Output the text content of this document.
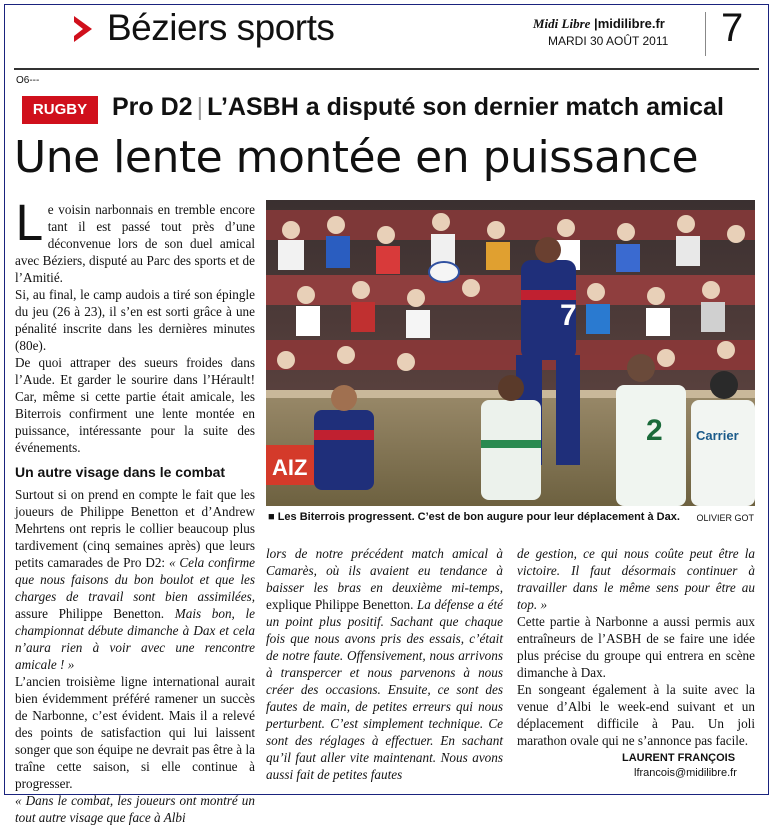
Béziers sports	Midi Libre |midilibre.fr
MARDI 30 AOÛT 2011 7
O6---
RUGBY Pro D2 | L’ASBH a disputé son dernier match amical
Une lente montée en puissance

Le voisin narbonnais en tremble encore tant il est passé tout près d’une déconvenue lors de son duel amical avec Béziers, disputé au Parc des sports et de l’Amitié.

Si, au final, le camp audois a tiré son épingle du jeu (26 à 23), il s’en est sorti grâce à une pénalité inscrite dans les dernières minutes (80e).

De quoi attraper des sueurs froides dans l’Aude. Et garder le sourire dans l’Hérault! Car, même si cette partie était amicale, les Biterrois confirment une lente montée en puissance, intéressante pour la suite des événements.

Un autre visage dans le combat

Surtout si on prend en compte le fait que les joueurs de Philippe Benetton et d’Andrew Mehrtens ont repris le collier beaucoup plus tardivement (cinq semaines après) que leurs petits camarades de Pro D2: « Cela confirme que nous faisons du bon boulot et que les charges de travail sont bien assimilées, assure Philippe Benetton. Mais bon, le championnat débute dimanche à Dax et cela n’aura rien à voir avec une rencontre amicale ! »

L’ancien troisième ligne international aurait bien évidemment préféré ramener un succès de Narbonne, c’est évident. Mais il a relevé des points de satisfaction qui lui laissent songer que son équipe ne devrait pas être à la traîne cette saison, si elle continue à progresser.

« Dans le combat, les joueurs ont montré un tout autre visage que face à Albi

AIZ
7
2	Carrier
■ Les Biterrois progressent. C’est de bon augure pour leur déplacement à Dax. OLIVIER GOT

lors de notre précédent match amical à Camarès, où ils avaient eu tendance à baisser les bras en deuxième mi-temps, explique Philippe Benetton. La défense a été un point plus positif. Sachant que chaque fois que nous avons pris des essais, c’était de notre faute. Offensivement, nous arrivons à transpercer et nous parvenons à nous créer des occasions. Ensuite, ce sont des fautes de main, de petites erreurs qui nous perturbent. C’est simplement technique. Ce sont des réglages à effectuer. En sachant qu’il faut aller vite maintenant. Nous avons aussi fait de petites fautes

de gestion, ce qui nous coûte peut être la victoire. Il faut désormais continuer à travailler dans le même sens pour être au top. »

Cette partie à Narbonne a aussi permis aux entraîneurs de l’ASBH de se faire une idée plus précise du groupe qui entrera en scène dimanche à Dax.

En songeant également à la suite avec la venue d’Albi le week-end suivant et un déplacement difficile à Pau. Un joli marathon ovale qui ne s’annonce pas facile.

LAURENT FRANÇOIS
lfrancois@midilibre.fr
